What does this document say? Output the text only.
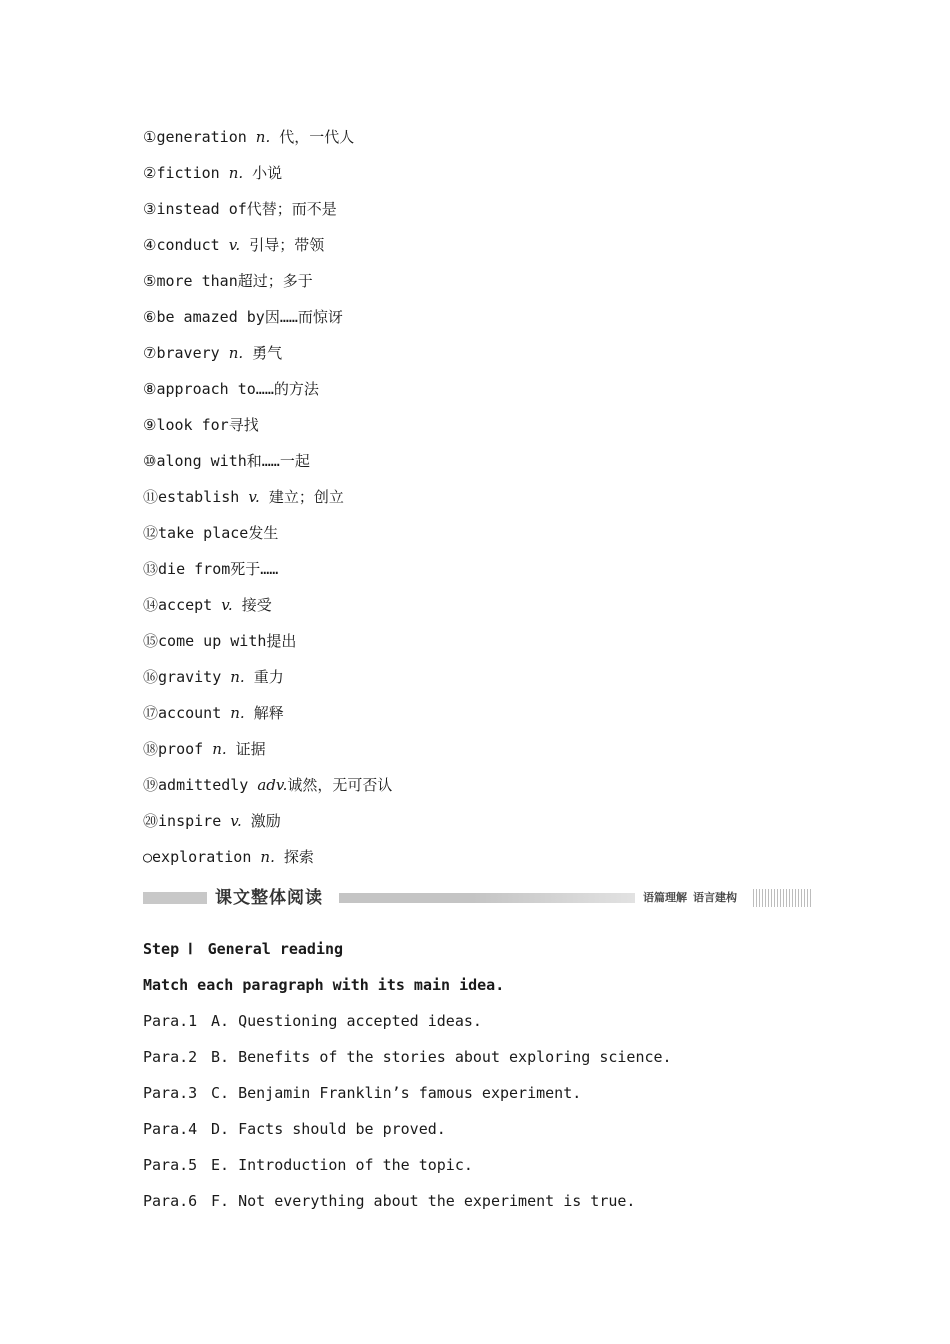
①generation n. 代，一代人
②fiction n. 小说
③instead of代替；而不是
④conduct v. 引导；带领
⑤more than超过；多于
⑥be amazed by因……而惊讶
⑦bravery n. 勇气
⑧approach to……的方法
⑨look for寻找
⑩along with和……一起
⑪establish v. 建立；创立
⑫take place发生
⑬die from死于……
⑭accept v. 接受
⑮come up with提出
⑯gravity n. 重力
⑰account n. 解释
⑱proof n. 证据
⑲admittedly adv.诚然，无可否认
⑳inspire v. 激励
○exploration n. 探索
课文整体阅读	语篇理解 语言建构
Step Ⅰ　General reading
Match each paragraph with its main idea.
Para.1 A. Questioning accepted ideas.
Para.2 B. Benefits of the stories about exploring science.
Para.3 C. Benjamin Franklin’s famous experiment.
Para.4 D. Facts should be proved.
Para.5 E. Introduction of the topic.
Para.6 F. Not everything about the experiment is true.
